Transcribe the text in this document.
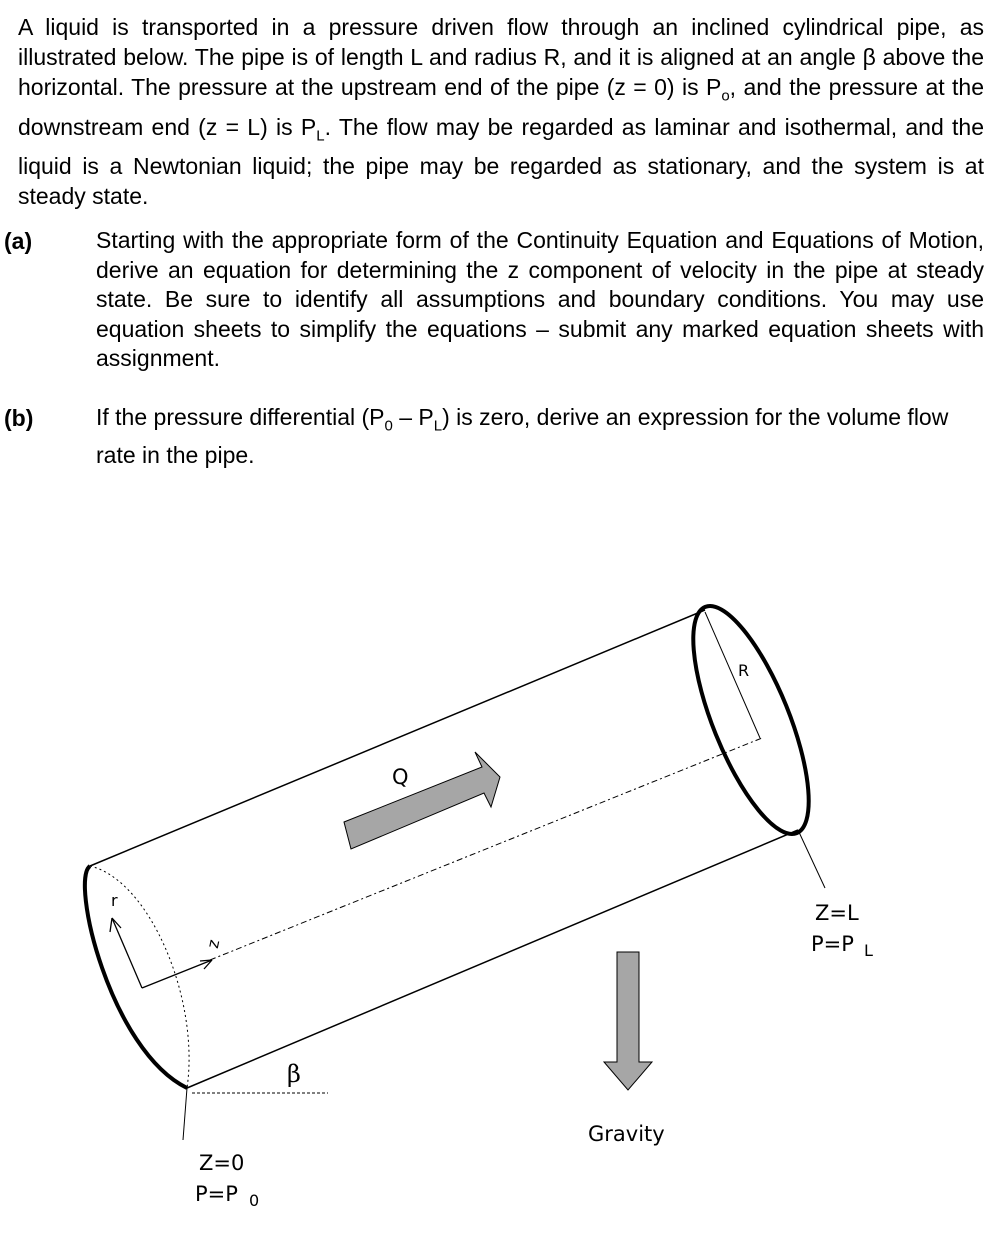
A liquid is transported in a pressure driven flow through an inclined cylindrical pipe, as illustrated below. The pipe is of length L and radius R, and it is aligned at an angle β above the horizontal. The pressure at the upstream end of the pipe (z = 0) is $P_o$, and the pressure at the downstream end (z = L) is $P_L$. The flow may be regarded as laminar and isothermal, and the liquid is a Newtonian liquid; the pipe may be regarded as stationary, and the system is at steady state.
(a)	Starting with the appropriate form of the Continuity Equation and Equations of Motion, derive an equation for determining the z component of velocity in the pipe at steady state. Be sure to identify all assumptions and boundary conditions. You may use equation sheets to simplify the equations – submit any marked equation sheets with assignment.
(b)	If the pressure differential $(P_0 - P_L)$ is zero, derive an expression for the volume flow rate in the pipe.
R
z
r
Q
β
Gravity
Z=0
P=P 0
Z=L
P=P L
